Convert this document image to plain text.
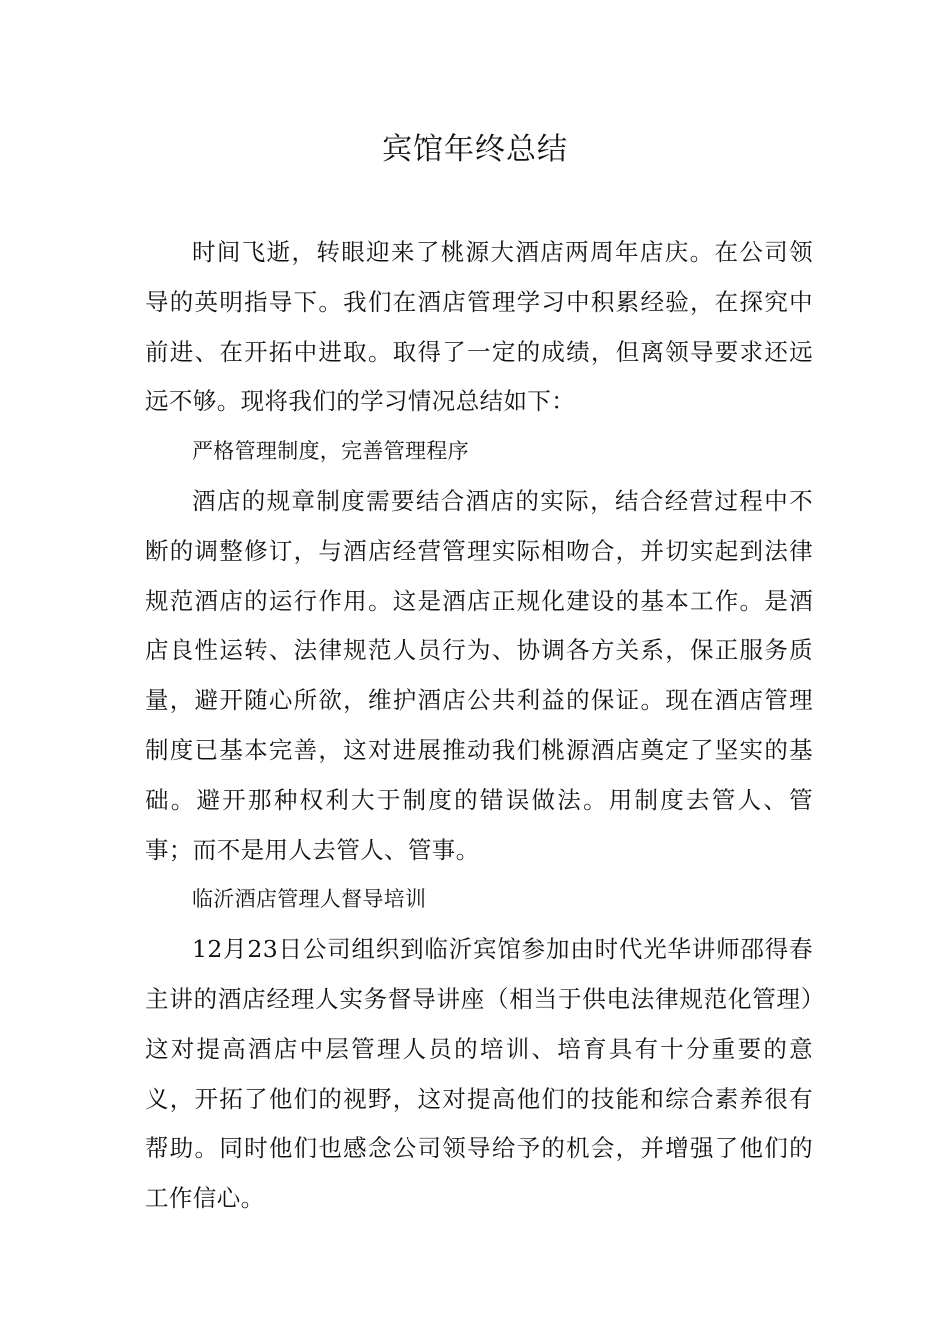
宾馆年终总结

时间飞逝，转眼迎来了桃源大酒店两周年店庆。在公司领导的英明指导下。我们在酒店管理学习中积累经验，在探究中前进、在开拓中进取。取得了一定的成绩，但离领导要求还远远不够。现将我们的学习情况总结如下：

严格管理制度，完善管理程序

酒店的规章制度需要结合酒店的实际，结合经营过程中不断的调整修订，与酒店经营管理实际相吻合，并切实起到法律规范酒店的运行作用。这是酒店正规化建设的基本工作。是酒店良性运转、法律规范人员行为、协调各方关系，保正服务质量，避开随心所欲，维护酒店公共利益的保证。现在酒店管理制度已基本完善，这对进展推动我们桃源酒店奠定了坚实的基础。避开那种权利大于制度的错误做法。用制度去管人、管事；而不是用人去管人、管事。

临沂酒店管理人督导培训

12月23日公司组织到临沂宾馆参加由时代光华讲师邵得春主讲的酒店经理人实务督导讲座（相当于供电法律规范化管理）这对提高酒店中层管理人员的培训、培育具有十分重要的意义，开拓了他们的视野，这对提高他们的技能和综合素养很有帮助。同时他们也感念公司领导给予的机会，并增强了他们的工作信心。
